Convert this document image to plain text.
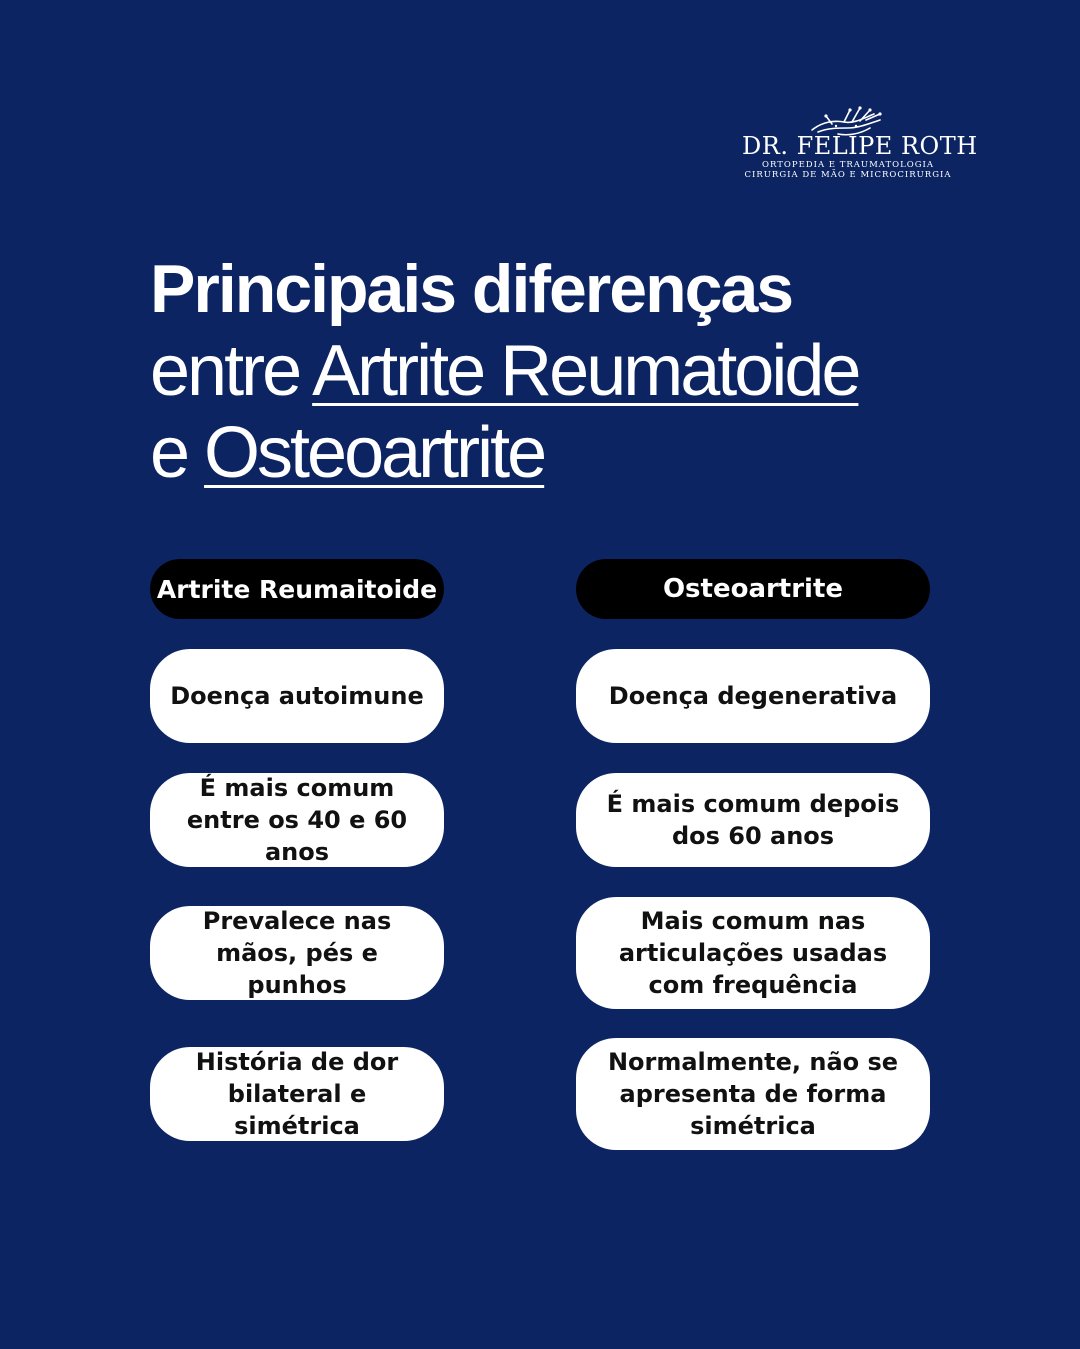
DR. FELIPE ROTH
ORTOPEDIA E TRAUMATOLOGIA
CIRURGIA DE MÃO E MICROCIRURGIA
Principais diferenças
entre Artrite Reumatoide
e Osteoartrite
Artrite Reumaitoide	Osteoartrite
Doença autoimune
É mais comum entre os 40 e 60 anos
Prevalece nas mãos, pés e punhos
História de dor bilateral e simétrica
Doença degenerativa
É mais comum depois dos 60 anos
Mais comum nas articulações usadas com frequência
Normalmente, não se apresenta de forma simétrica
